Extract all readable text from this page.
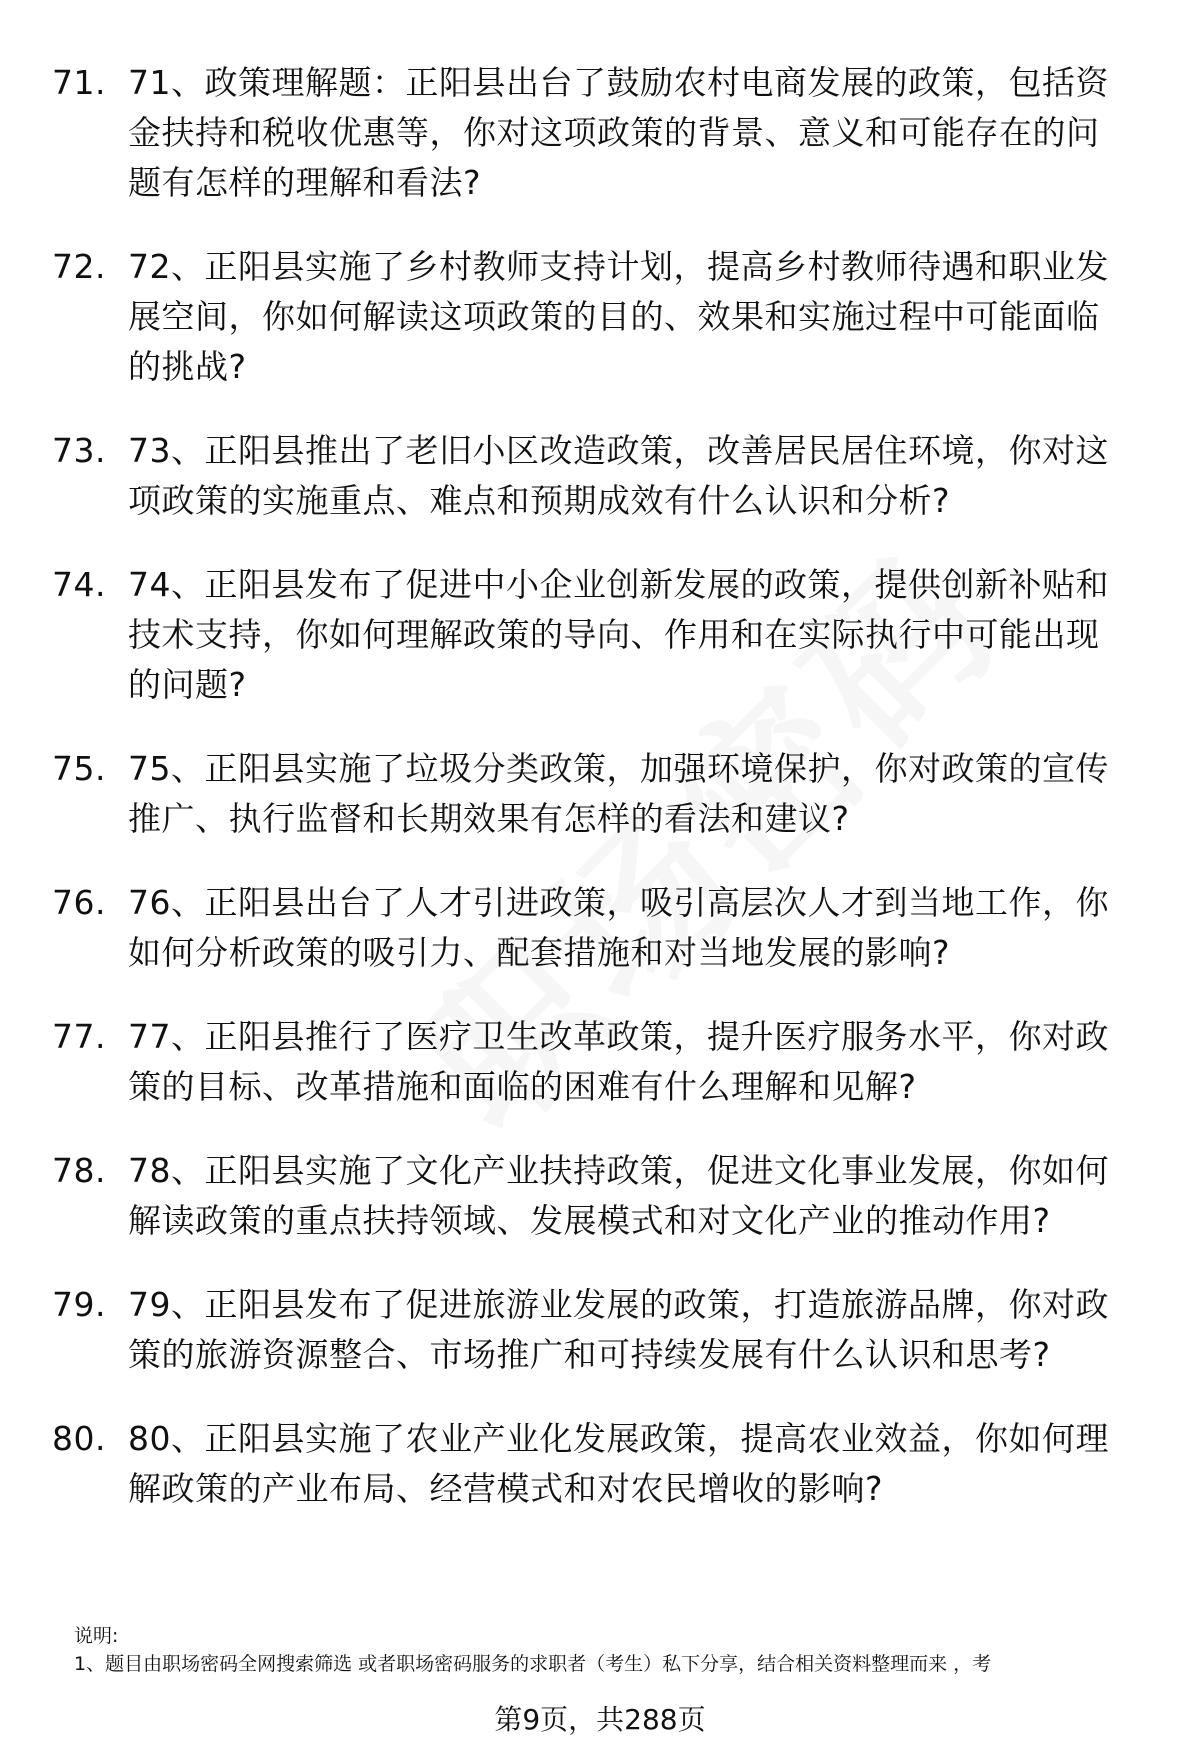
71. 71、政策理解题：正阳县出台了鼓励农村电商发展的政策，包括资金扶持和税收优惠等，你对这项政策的背景、意义和可能存在的问题有怎样的理解和看法?
72. 72、正阳县实施了乡村教师支持计划，提高乡村教师待遇和职业发展空间，你如何解读这项政策的目的、效果和实施过程中可能面临的挑战?
73. 73、正阳县推出了老旧小区改造政策，改善居民居住环境，你对这项政策的实施重点、难点和预期成效有什么认识和分析?
74. 74、正阳县发布了促进中小企业创新发展的政策，提供创新补贴和技术支持，你如何理解政策的导向、作用和在实际执行中可能出现的问题?
75. 75、正阳县实施了垃圾分类政策，加强环境保护，你对政策的宣传推广、执行监督和长期效果有怎样的看法和建议?
76. 76、正阳县出台了人才引进政策，吸引高层次人才到当地工作，你如何分析政策的吸引力、配套措施和对当地发展的影响?
77. 77、正阳县推行了医疗卫生改革政策，提升医疗服务水平，你对政策的目标、改革措施和面临的困难有什么理解和见解?
78. 78、正阳县实施了文化产业扶持政策，促进文化事业发展，你如何解读政策的重点扶持领域、发展模式和对文化产业的推动作用?
79. 79、正阳县发布了促进旅游业发展的政策，打造旅游品牌，你对政策的旅游资源整合、市场推广和可持续发展有什么认识和思考?
80. 80、正阳县实施了农业产业化发展政策，提高农业效益，你如何理解政策的产业布局、经营模式和对农民增收的影响?
说明:
1、题目由职场密码全网搜索筛选 或者职场密码服务的求职者（考生）私下分享，结合相关资料整理而来 ，考
第9页，共288页
